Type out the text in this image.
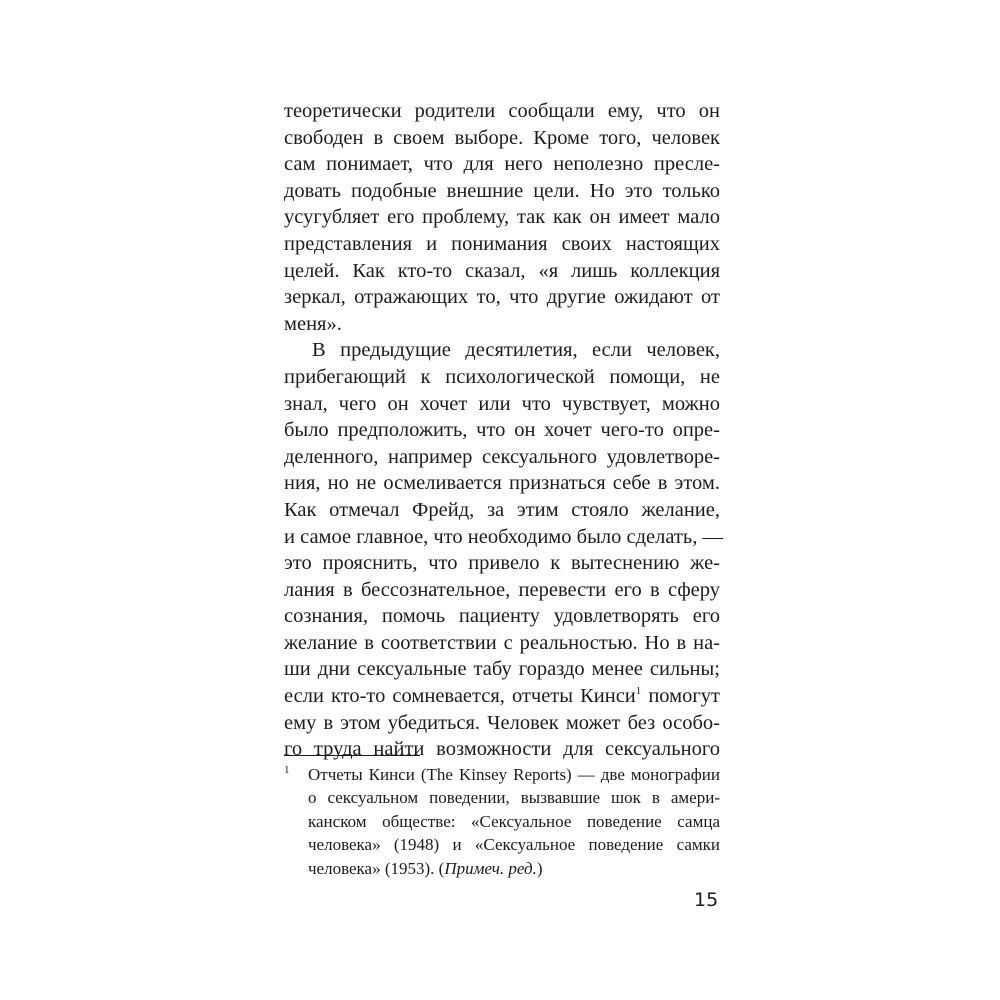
теоретически родители сообщали ему, что он
свободен в своем выборе. Кроме того, человек
сам понимает, что для него неполезно пресле-
довать подобные внешние цели. Но это только
усугубляет его проблему, так как он имеет мало
представления и понимания своих настоящих
целей. Как кто-то сказал, «я лишь коллекция
зеркал, отражающих то, что другие ожидают от
меня».
В предыдущие десятилетия, если человек,
прибегающий к психологической помощи, не
знал, чего он хочет или что чувствует, можно
было предположить, что он хочет чего-то опре-
деленного, например сексуального удовлетворе-
ния, но не осмеливается признаться себе в этом.
Как отмечал Фрейд, за этим стояло желание,
и самое главное, что необходимо было сделать, —
это прояснить, что привело к вытеснению же-
лания в бессознательное, перевести его в сферу
сознания, помочь пациенту удовлетворять его
желание в соответствии с реальностью. Но в на-
ши дни сексуальные табу гораздо менее сильны;
если кто-то сомневается, отчеты Кинси$^1$ помогут
ему в этом убедиться. Человек может без особо-
го труда найти возможности для сексуального
1	Отчеты Кинси (The Kinsey Reports) — две монографии
о сексуальном поведении, вызвавшие шок в амери-
канском обществе: «Сексуальное поведение самца
человека» (1948) и «Сексуальное поведение самки
человека» (1953). (Примеч. ред.)
15
